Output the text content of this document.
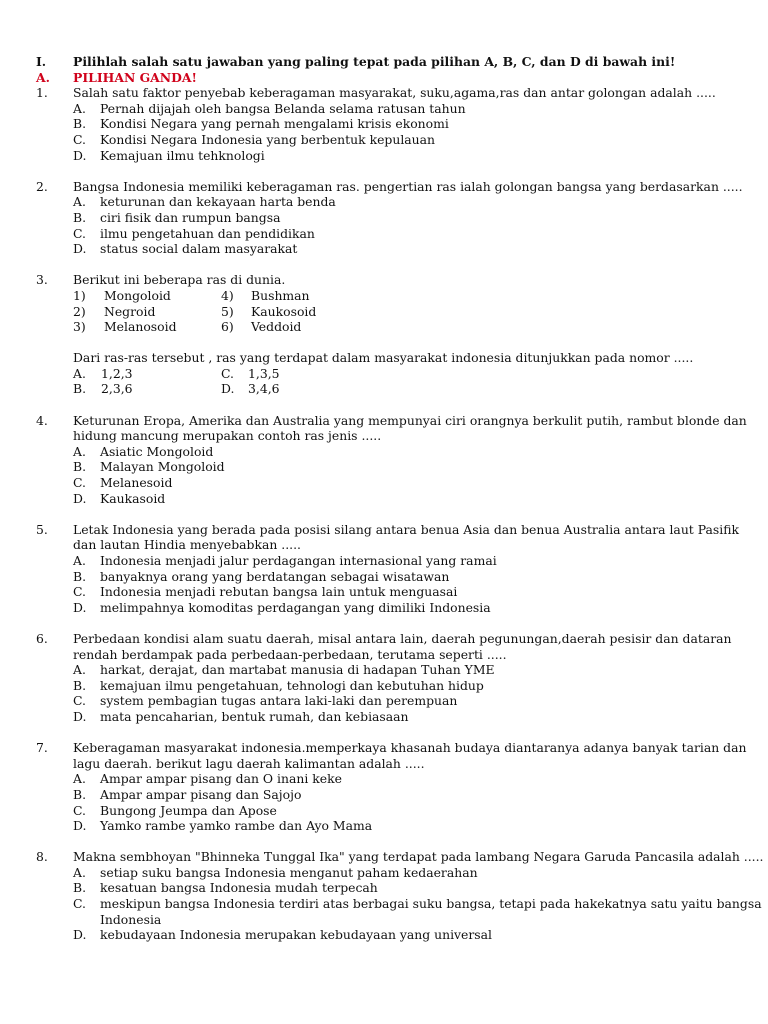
I. Pilihlah salah satu jawaban yang paling tepat pada pilihan A, B, C, dan D di bawah ini!
A. PILIHAN GANDA!
1. Salah satu faktor penyebab keberagaman masyarakat, suku,agama,ras dan antar golongan adalah .....
A. Pernah dijajah oleh bangsa Belanda selama ratusan tahun
B. Kondisi Negara yang pernah mengalami krisis ekonomi
C. Kondisi Negara Indonesia yang berbentuk kepulauan
D. Kemajuan ilmu tehknologi
2. Bangsa Indonesia memiliki keberagaman ras. pengertian ras ialah golongan bangsa yang berdasarkan .....
A. keturunan dan kekayaan harta benda
B. ciri fisik dan rumpun bangsa
C. ilmu pengetahuan dan pendidikan
D. status social dalam masyarakat
3. Berikut ini beberapa ras di dunia.
1) Mongoloid	4) Bushman
2) Negroid	5) Kaukosoid
3) Melanosoid	6) Veddoid
Dari ras-ras tersebut , ras yang terdapat dalam masyarakat indonesia ditunjukkan pada nomor .....
A. 1,2,3	C. 1,3,5
B. 2,3,6	D. 3,4,6
4. Keturunan Eropa, Amerika dan Australia yang mempunyai ciri orangnya berkulit putih, rambut blonde dan
hidung mancung merupakan contoh ras jenis .....
A. Asiatic Mongoloid
B. Malayan Mongoloid
C. Melanesoid
D. Kaukasoid
5. Letak Indonesia yang berada pada posisi silang antara benua Asia dan benua Australia antara laut Pasifik
dan lautan Hindia menyebabkan .....
A. Indonesia menjadi jalur perdagangan internasional yang ramai
B. banyaknya orang yang berdatangan sebagai wisatawan
C. Indonesia menjadi rebutan bangsa lain untuk menguasai
D. melimpahnya komoditas perdagangan yang dimiliki Indonesia
6. Perbedaan kondisi alam suatu daerah, misal antara lain, daerah pegunungan,daerah pesisir dan dataran
rendah berdampak pada perbedaan-perbedaan, terutama seperti .....
A. harkat, derajat, dan martabat manusia di hadapan Tuhan YME
B. kemajuan ilmu pengetahuan, tehnologi dan kebutuhan hidup
C. system pembagian tugas antara laki-laki dan perempuan
D. mata pencaharian, bentuk rumah, dan kebiasaan
7. Keberagaman masyarakat indonesia.memperkaya khasanah budaya diantaranya adanya banyak tarian dan
lagu daerah. berikut lagu daerah kalimantan adalah .....
A. Ampar ampar pisang dan O inani keke
B. Ampar ampar pisang dan Sajojo
C. Bungong Jeumpa dan Apose
D. Yamko rambe yamko rambe dan Ayo Mama
8. Makna sembhoyan "Bhinneka Tunggal Ika" yang terdapat pada lambang Negara Garuda Pancasila adalah .....
A. setiap suku bangsa Indonesia menganut paham kedaerahan
B. kesatuan bangsa Indonesia mudah terpecah
C. meskipun bangsa Indonesia terdiri atas berbagai suku bangsa, tetapi pada hakekatnya satu yaitu bangsa
Indonesia
D. kebudayaan Indonesia merupakan kebudayaan yang universal
